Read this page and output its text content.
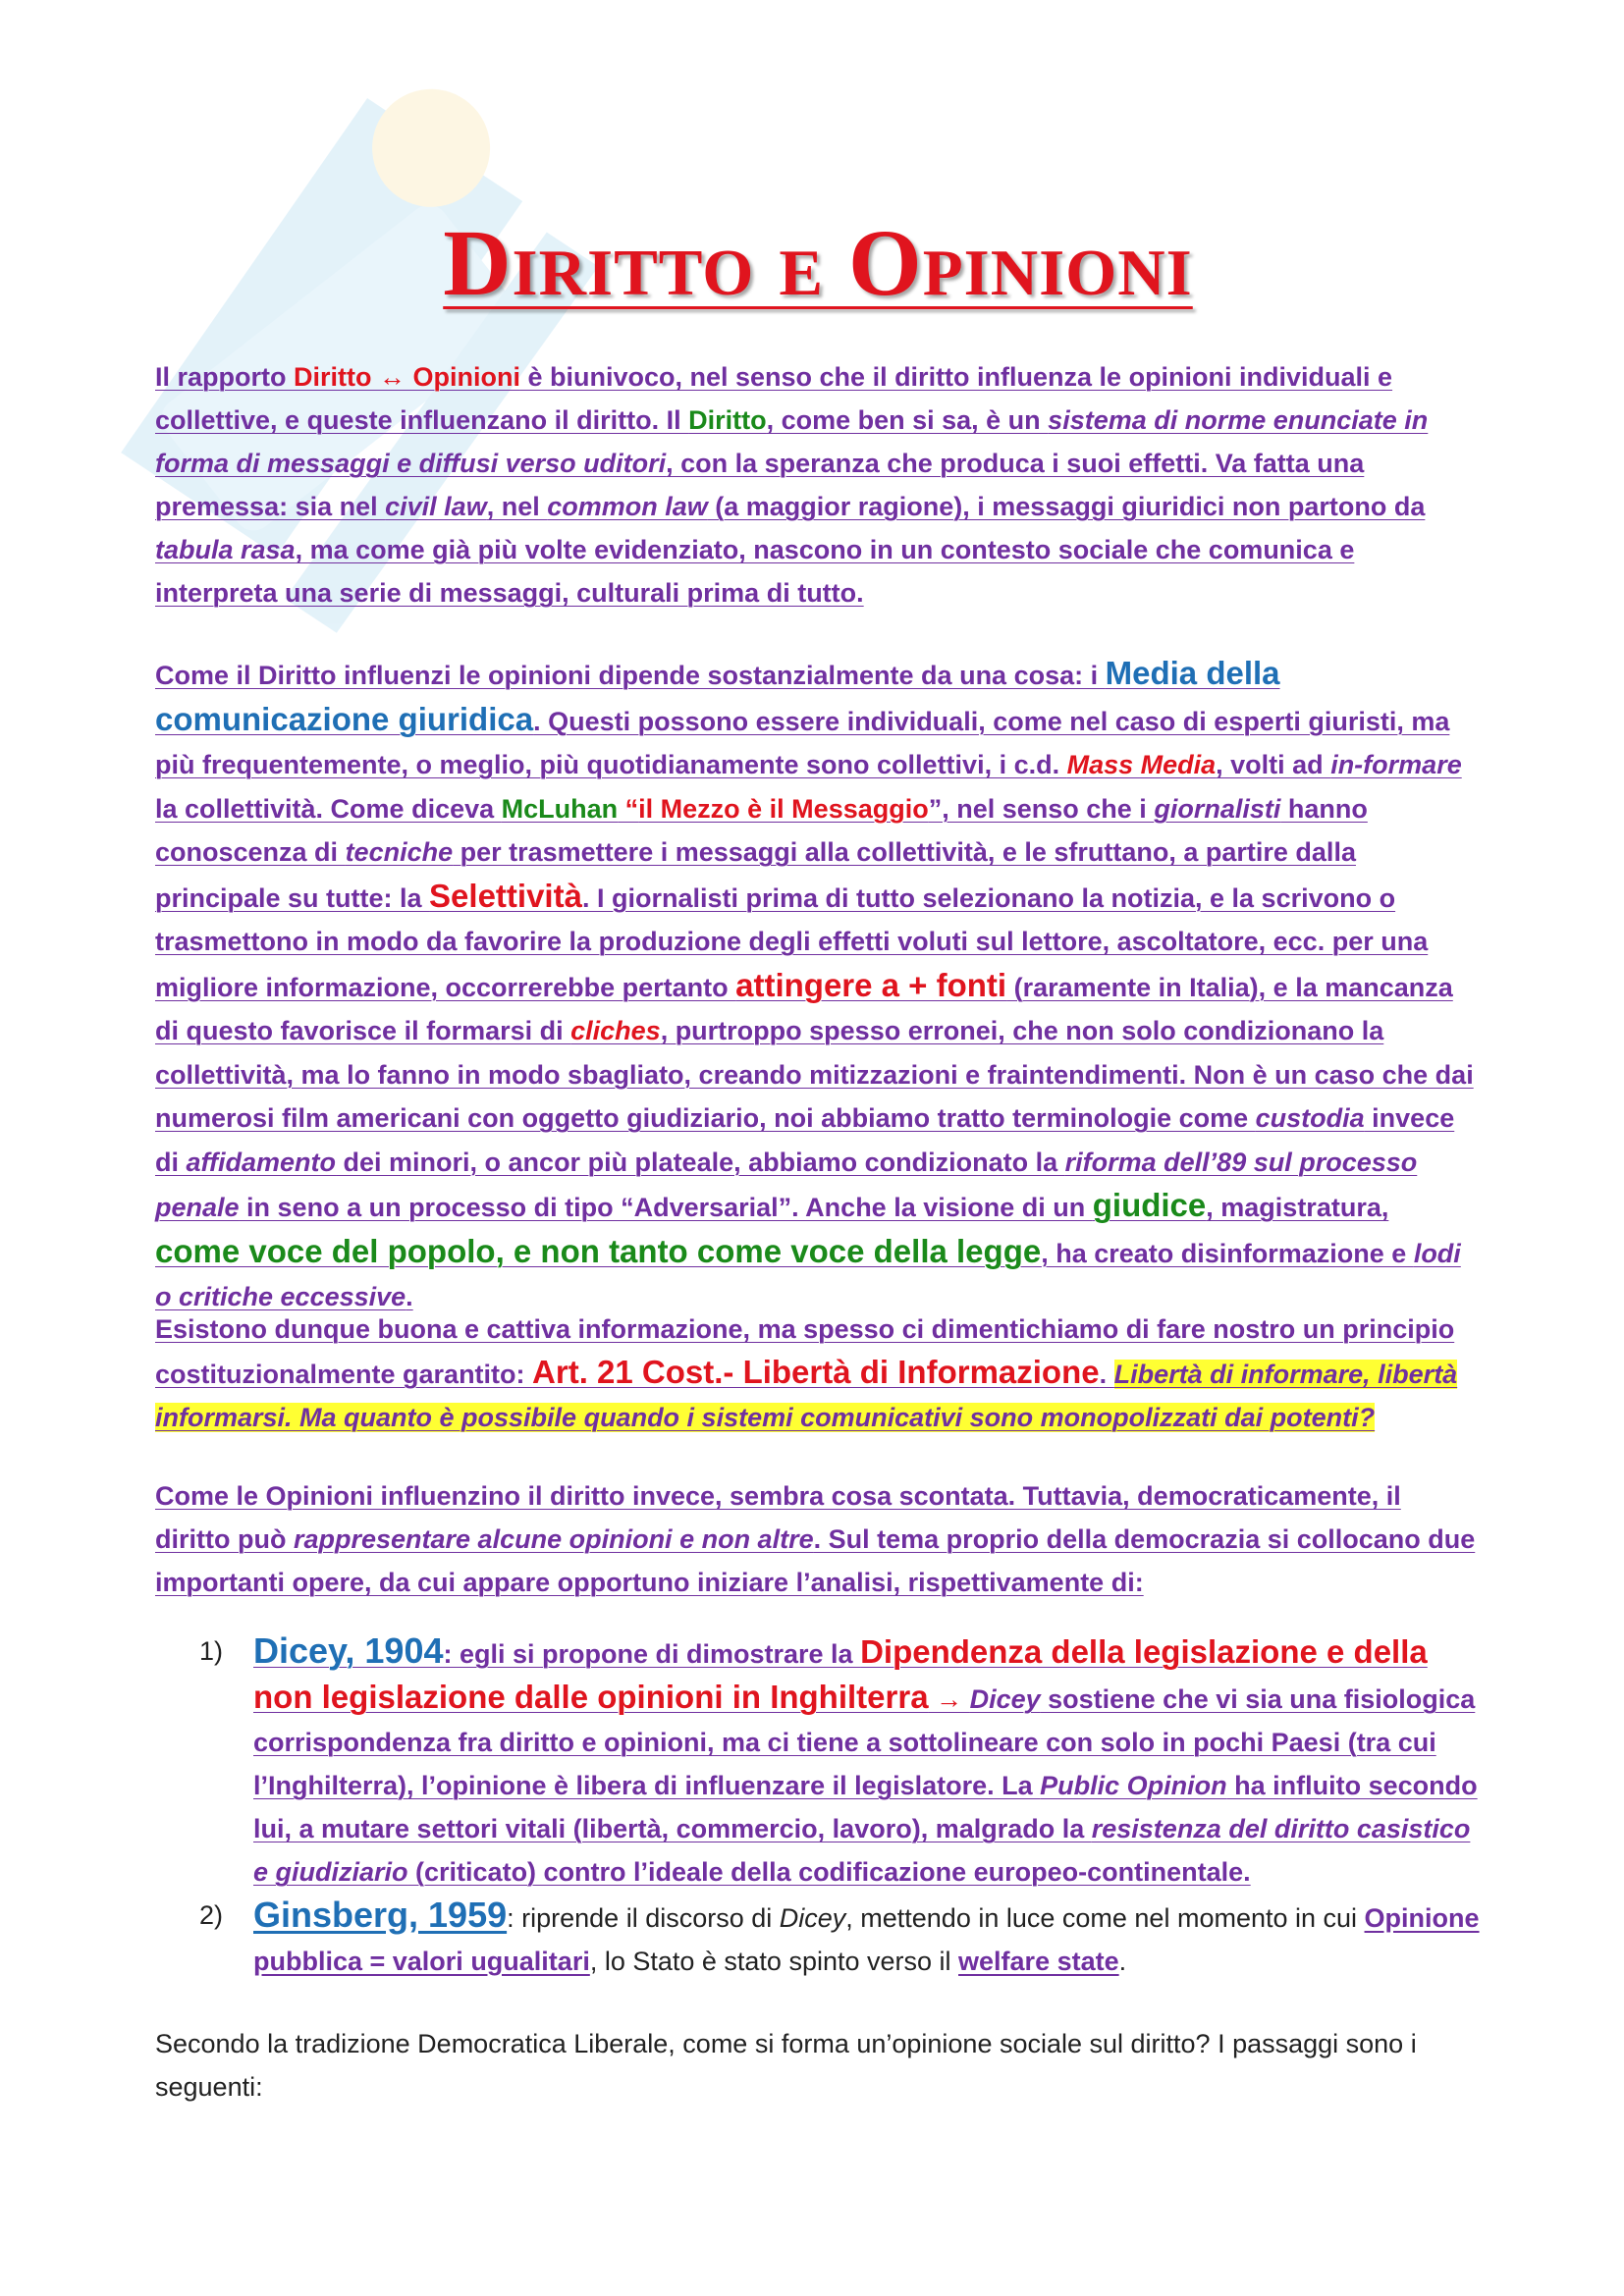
Diritto e Opinioni
Il rapporto Diritto ↔ Opinioni è biunivoco, nel senso che il diritto influenza le opinioni individuali e collettive, e queste influenzano il diritto. Il Diritto, come ben si sa, è un sistema di norme enunciate in forma di messaggi e diffusi verso uditori, con la speranza che produca i suoi effetti. Va fatta una premessa: sia nel civil law, nel common law (a maggior ragione), i messaggi giuridici non partono da tabula rasa, ma come già più volte evidenziato, nascono in un contesto sociale che comunica e interpreta una serie di messaggi, culturali prima di tutto.
Come il Diritto influenzi le opinioni dipende sostanzialmente da una cosa: i Media della comunicazione giuridica. Questi possono essere individuali, come nel caso di esperti giuristi, ma più frequentemente, o meglio, più quotidianamente sono collettivi, i c.d. Mass Media, volti ad in-formare la collettività. Come diceva McLuhan “il Mezzo è il Messaggio”, nel senso che i giornalisti hanno conoscenza di tecniche per trasmettere i messaggi alla collettività, e le sfruttano, a partire dalla principale su tutte: la Selettività. I giornalisti prima di tutto selezionano la notizia, e la scrivono o trasmettono in modo da favorire la produzione degli effetti voluti sul lettore, ascoltatore, ecc. per una migliore informazione, occorrerebbe pertanto attingere a + fonti (raramente in Italia), e la mancanza di questo favorisce il formarsi di cliches, purtroppo spesso erronei, che non solo condizionano la collettività, ma lo fanno in modo sbagliato, creando mitizzazioni e fraintendimenti. Non è un caso che dai numerosi film americani con oggetto giudiziario, noi abbiamo tratto terminologie come custodia invece di affidamento dei minori, o ancor più plateale, abbiamo condizionato la riforma dell’89 sul processo penale in seno a un processo di tipo “Adversarial”. Anche la visione di un giudice, magistratura, come voce del popolo, e non tanto come voce della legge, ha creato disinformazione e lodi o critiche eccessive.
Esistono dunque buona e cattiva informazione, ma spesso ci dimentichiamo di fare nostro un principio costituzionalmente garantito: Art. 21 Cost.- Libertà di Informazione. Libertà di informare, libertà informarsi. Ma quanto è possibile quando i sistemi comunicativi sono monopolizzati dai potenti?
Come le Opinioni influenzino il diritto invece, sembra cosa scontata. Tuttavia, democraticamente, il diritto può rappresentare alcune opinioni e non altre. Sul tema proprio della democrazia si collocano due importanti opere, da cui appare opportuno iniziare l’analisi, rispettivamente di:
1) Dicey, 1904: egli si propone di dimostrare la Dipendenza della legislazione e della non legislazione dalle opinioni in Inghilterra → Dicey sostiene che vi sia una fisiologica corrispondenza fra diritto e opinioni, ma ci tiene a sottolineare con solo in pochi Paesi (tra cui l’Inghilterra), l’opinione è libera di influenzare il legislatore. La Public Opinion ha influito secondo lui, a mutare settori vitali (libertà, commercio, lavoro), malgrado la resistenza del diritto casistico e giudiziario (criticato) contro l’ideale della codificazione europeo-continentale.
2) Ginsberg, 1959: riprende il discorso di Dicey, mettendo in luce come nel momento in cui Opinione pubblica = valori ugualitari, lo Stato è stato spinto verso il welfare state.
Secondo la tradizione Democratica Liberale, come si forma un’opinione sociale sul diritto? I passaggi sono i seguenti:
